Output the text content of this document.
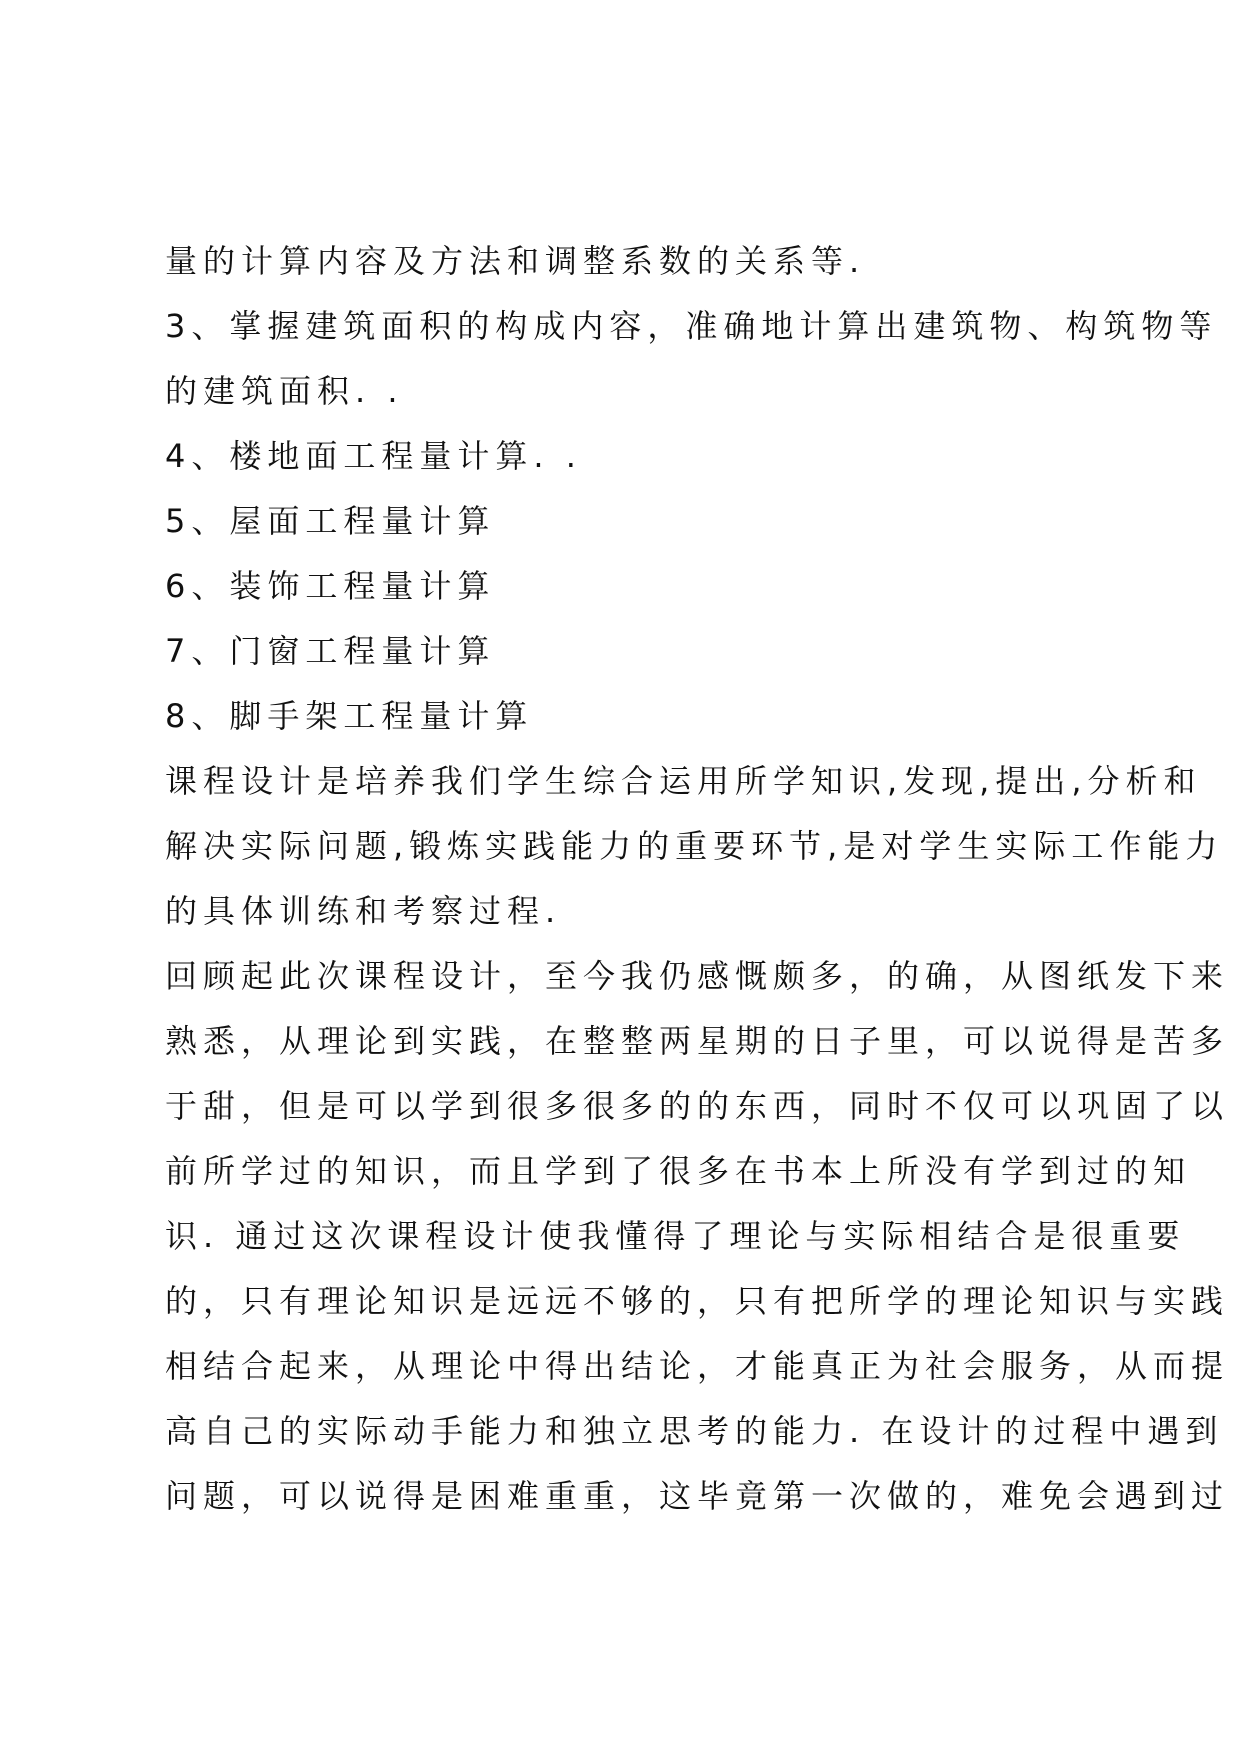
量的计算内容及方法和调整系数的关系等.
3、掌握建筑面积的构成内容，准确地计算出建筑物、构筑物等
的建筑面积. .
4、楼地面工程量计算. .
5、屋面工程量计算
6、装饰工程量计算
7、门窗工程量计算
8、脚手架工程量计算
课程设计是培养我们学生综合运用所学知识,发现,提出,分析和
解决实际问题,锻炼实践能力的重要环节,是对学生实际工作能力
的具体训练和考察过程.
回顾起此次课程设计，至今我仍感慨颇多，的确，从图纸发下来
熟悉，从理论到实践，在整整两星期的日子里，可以说得是苦多
于甜，但是可以学到很多很多的的东西，同时不仅可以巩固了以
前所学过的知识，而且学到了很多在书本上所没有学到过的知
识. 通过这次课程设计使我懂得了理论与实际相结合是很重要
的，只有理论知识是远远不够的，只有把所学的理论知识与实践
相结合起来，从理论中得出结论，才能真正为社会服务，从而提
高自己的实际动手能力和独立思考的能力. 在设计的过程中遇到
问题，可以说得是困难重重，这毕竟第一次做的，难免会遇到过
